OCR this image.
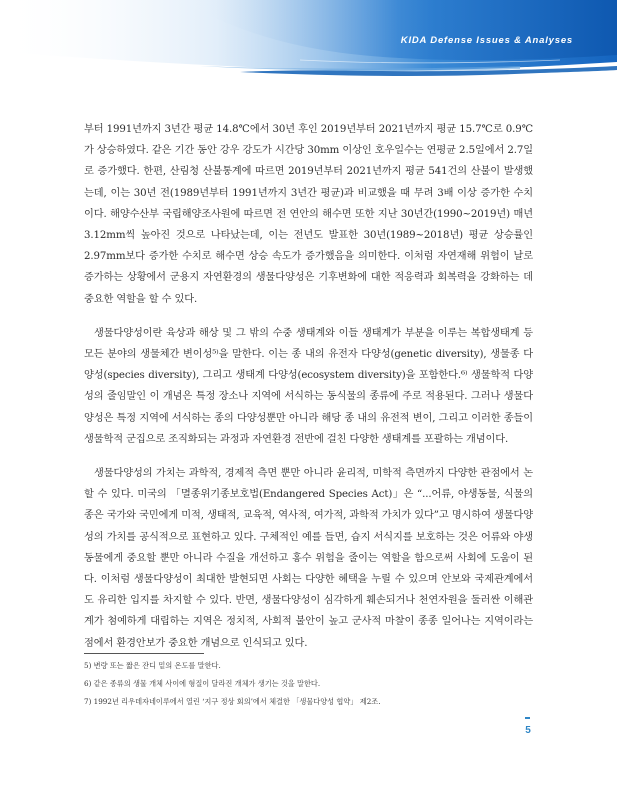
KIDA Defense Issues & Analyses

부터 1991년까지 3년간 평균 14.8℃에서 30년 후인 2019년부터 2021년까지 평균 15.7℃로 0.9℃가 상승하였다. 같은 기간 동안 강우 강도가 시간당 30mm 이상인 호우일수는 연평균 2.5일에서 2.7일로 증가했다. 한편, 산림청 산불통계에 따르면 2019년부터 2021년까지 평균 541건의 산불이 발생했는데, 이는 30년 전(1989년부터 1991년까지 3년간 평균)과 비교했을 때 무려 3배 이상 증가한 수치이다. 해양수산부 국립해양조사원에 따르면 전 연안의 해수면 또한 지난 30년간(1990~2019년) 매년 3.12mm씩 높아진 것으로 나타났는데, 이는 전년도 발표한 30년(1989~2018년) 평균 상승률인 2.97mm보다 증가한 수치로 해수면 상승 속도가 증가했음을 의미한다. 이처럼 자연재해 위험이 날로 증가하는 상황에서 군용지 자연환경의 생물다양성은 기후변화에 대한 적응력과 회복력을 강화하는 데 중요한 역할을 할 수 있다.

생물다양성이란 육상과 해상 및 그 밖의 수중 생태계와 이들 생태계가 부분을 이루는 복합생태계 등 모든 분야의 생물체간 변이성⁵⁾을 말한다. 이는 종 내의 유전자 다양성(genetic diversity), 생물종 다양성(species diversity), 그리고 생태계 다양성(ecosystem diversity)을 포함한다.⁶⁾ 생물학적 다양성의 줄임말인 이 개념은 특정 장소나 지역에 서식하는 동식물의 종류에 주로 적용된다. 그러나 생물다양성은 특정 지역에 서식하는 종의 다양성뿐만 아니라 해당 종 내의 유전적 변이, 그리고 이러한 종들이 생물학적 군집으로 조직화되는 과정과 자연환경 전반에 걸친 다양한 생태계를 포괄하는 개념이다.

생물다양성의 가치는 과학적, 경제적 측면 뿐만 아니라 윤리적, 미학적 측면까지 다양한 관점에서 논할 수 있다. 미국의 「멸종위기종보호법(Endangered Species Act)」은 “...어류, 야생동물, 식물의 종은 국가와 국민에게 미적, 생태적, 교육적, 역사적, 여가적, 과학적 가치가 있다”고 명시하여 생물다양성의 가치를 공식적으로 표현하고 있다. 구체적인 예를 들면, 습지 서식지를 보호하는 것은 어류와 야생동물에게 중요할 뿐만 아니라 수질을 개선하고 홍수 위험을 줄이는 역할을 함으로써 사회에 도움이 된다. 이처럼 생물다양성이 최대한 발현되면 사회는 다양한 혜택을 누릴 수 있으며 안보와 국제관계에서도 유리한 입지를 차지할 수 있다. 반면, 생물다양성이 심각하게 훼손되거나 천연자원을 둘러싼 이해관계가 첨예하게 대립하는 지역은 정치적, 사회적 불안이 높고 군사적 마찰이 종종 일어나는 지역이라는 점에서 환경안보가 중요한 개념으로 인식되고 있다.

5) 변량 또는 짧은 잔디 밑의 온도를 말한다.
6) 같은 종류의 생물 개체 사이에 형질이 달라진 개체가 생기는 것을 말한다.
7) 1992년 리우데자네이루에서 열린 ‘지구 정상 회의’에서 체결한 「생물다양성 협약」 제2조.
5
